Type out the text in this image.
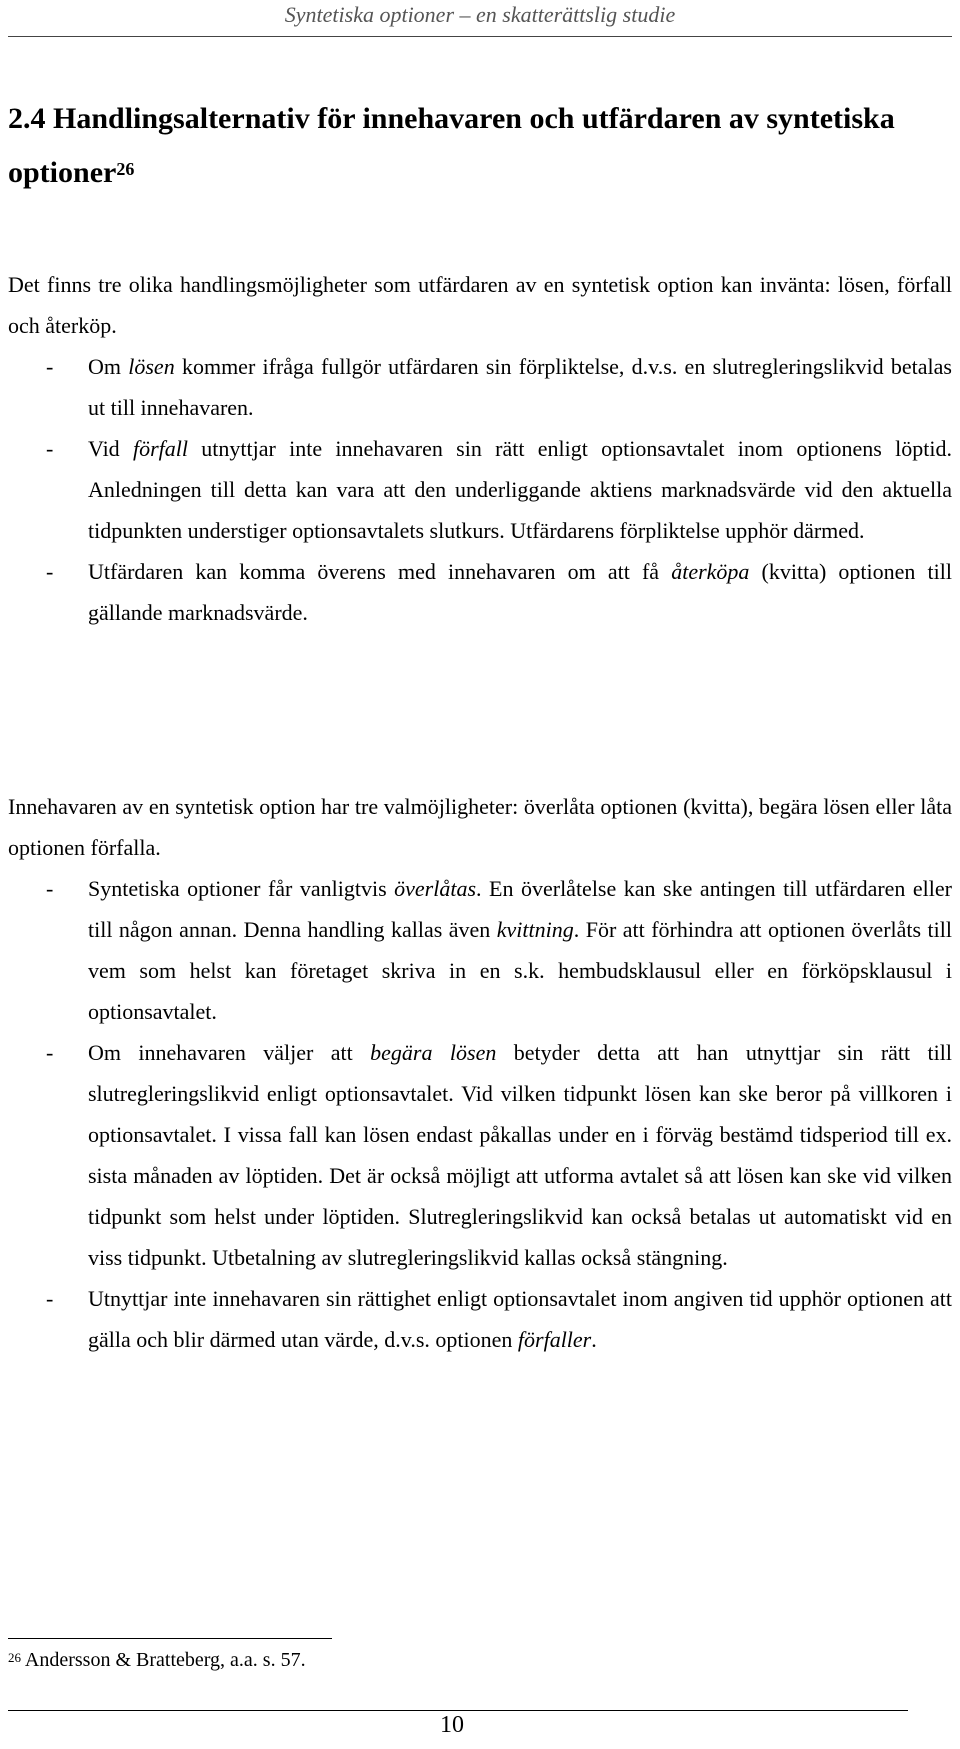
Syntetiska optioner – en skatterättslig studie
2.4 Handlingsalternativ för innehavaren och utfärdaren av syntetiska optioner$^{26}$
Det finns tre olika handlingsmöjligheter som utfärdaren av en syntetisk option kan invänta: lösen, förfall och återköp.
- Om lösen kommer ifråga fullgör utfärdaren sin förpliktelse, d.v.s. en slutregleringslikvid betalas ut till innehavaren.
- Vid förfall utnyttjar inte innehavaren sin rätt enligt optionsavtalet inom optionens löptid. Anledningen till detta kan vara att den underliggande aktiens marknadsvärde vid den aktuella tidpunkten understiger optionsavtalets slutkurs. Utfärdarens förpliktelse upphör därmed.
- Utfärdaren kan komma överens med innehavaren om att få återköpa (kvitta) optionen till gällande marknadsvärde.
Innehavaren av en syntetisk option har tre valmöjligheter: överlåta optionen (kvitta), begära lösen eller låta optionen förfalla.
- Syntetiska optioner får vanligtvis överlåtas. En överlåtelse kan ske antingen till utfärdaren eller till någon annan. Denna handling kallas även kvittning. För att förhindra att optionen överlåts till vem som helst kan företaget skriva in en s.k. hembudsklausul eller en förköpsklausul i optionsavtalet.
- Om innehavaren väljer att begära lösen betyder detta att han utnyttjar sin rätt till slutregleringslikvid enligt optionsavtalet. Vid vilken tidpunkt lösen kan ske beror på villkoren i optionsavtalet. I vissa fall kan lösen endast påkallas under en i förväg bestämd tidsperiod till ex. sista månaden av löptiden. Det är också möjligt att utforma avtalet så att lösen kan ske vid vilken tidpunkt som helst under löptiden. Slutregleringslikvid kan också betalas ut automatiskt vid en viss tidpunkt. Utbetalning av slutregleringslikvid kallas också stängning.
- Utnyttjar inte innehavaren sin rättighet enligt optionsavtalet inom angiven tid upphör optionen att gälla och blir därmed utan värde, d.v.s. optionen förfaller.
$^{26}$ Andersson & Bratteberg, a.a. s. 57.
10
